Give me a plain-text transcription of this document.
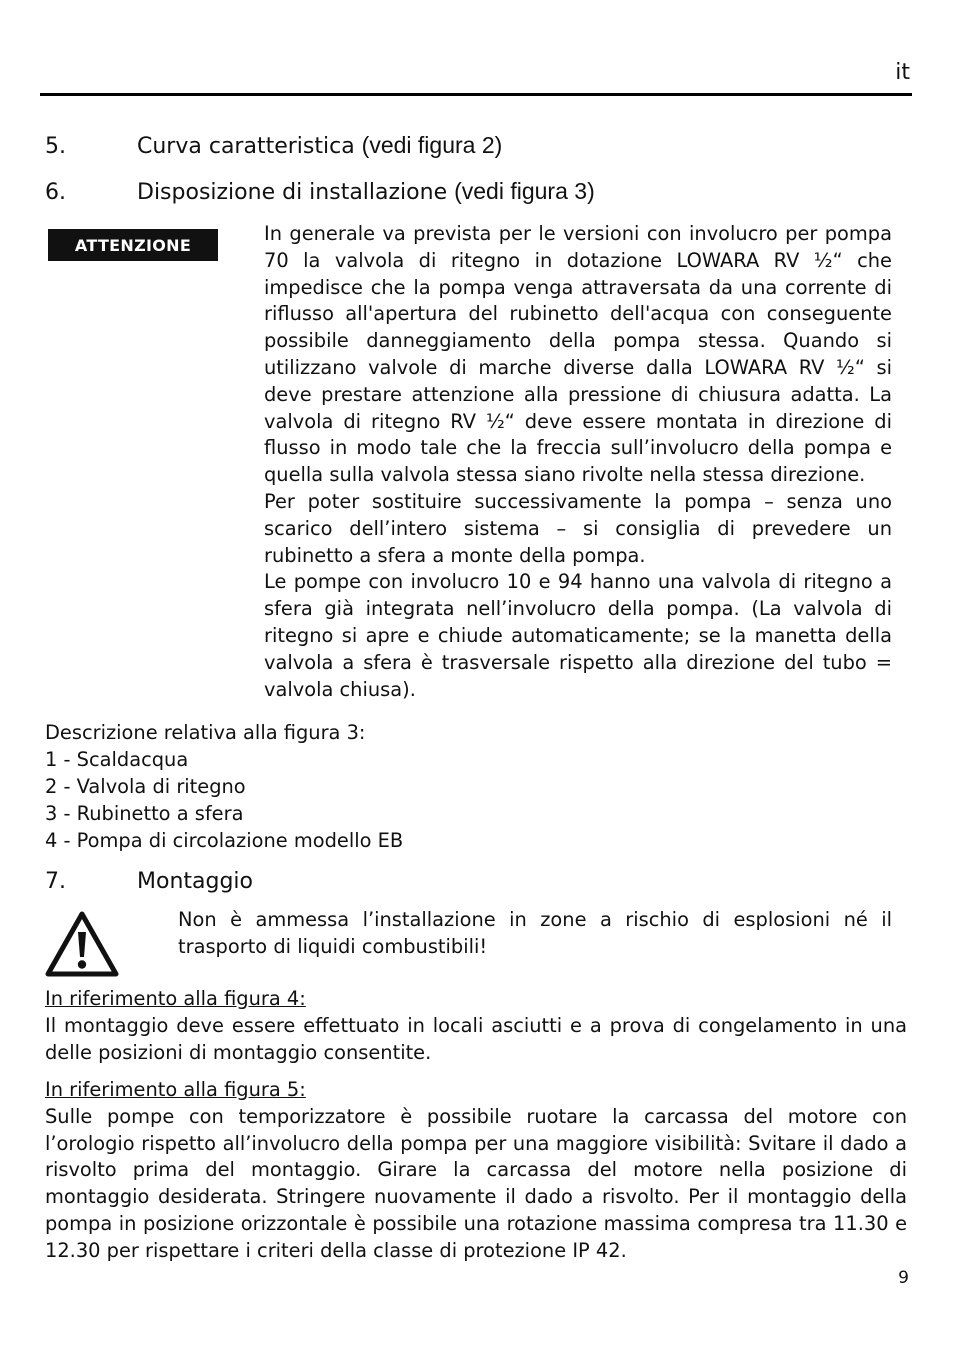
it
5.	Curva caratteristica (vedi figura 2)
6.	Disposizione di installazione (vedi figura 3)
ATTENZIONE	In generale va prevista per le versioni con involucro per pompa 70 la valvola di ritegno in dotazione LOWARA RV ½“ che impedisce che la pompa venga attraversata da una corrente di riflusso all'apertura del rubinetto dell'acqua con conseguente possibile danneggiamento della pompa stessa. Quando si utilizzano valvole di marche diverse dalla LOWARA RV ½“ si deve prestare attenzione alla pressione di chiusura adatta. La valvola di ritegno RV ½“ deve essere montata in direzione di flusso in modo tale che la freccia sull’involucro della pompa e quella sulla valvola stessa siano rivolte nella stessa direzione.

Per poter sostituire successivamente la pompa – senza uno scarico dell’intero sistema – si consiglia di prevedere un rubinetto a sfera a monte della pompa.

Le pompe con involucro 10 e 94 hanno una valvola di ritegno a sfera già integrata nell’involucro della pompa. (La valvola di ritegno si apre e chiude automaticamente; se la manetta della valvola a sfera è trasversale rispetto alla direzione del tubo = valvola chiusa).

Descrizione relativa alla figura 3:
1 - Scaldacqua
2 - Valvola di ritegno
3 - Rubinetto a sfera
4 - Pompa di circolazione modello EB
7.	Montaggio
Non è ammessa l’installazione in zone a rischio di esplosioni né il trasporto di liquidi combustibili!

In riferimento alla figura 4:

Il montaggio deve essere effettuato in locali asciutti e a prova di congelamento in una delle posizioni di montaggio consentite.

In riferimento alla figura 5:

Sulle pompe con temporizzatore è possibile ruotare la carcassa del motore con l’orologio rispetto all’involucro della pompa per una maggiore visibilità: Svitare il dado a risvolto prima del montaggio. Girare la carcassa del motore nella posizione di montaggio desiderata. Stringere nuovamente il dado a risvolto. Per il montaggio della pompa in posizione orizzontale è possibile una rotazione massima compresa tra 11.30 e 12.30 per rispettare i criteri della classe di protezione IP 42.

9
